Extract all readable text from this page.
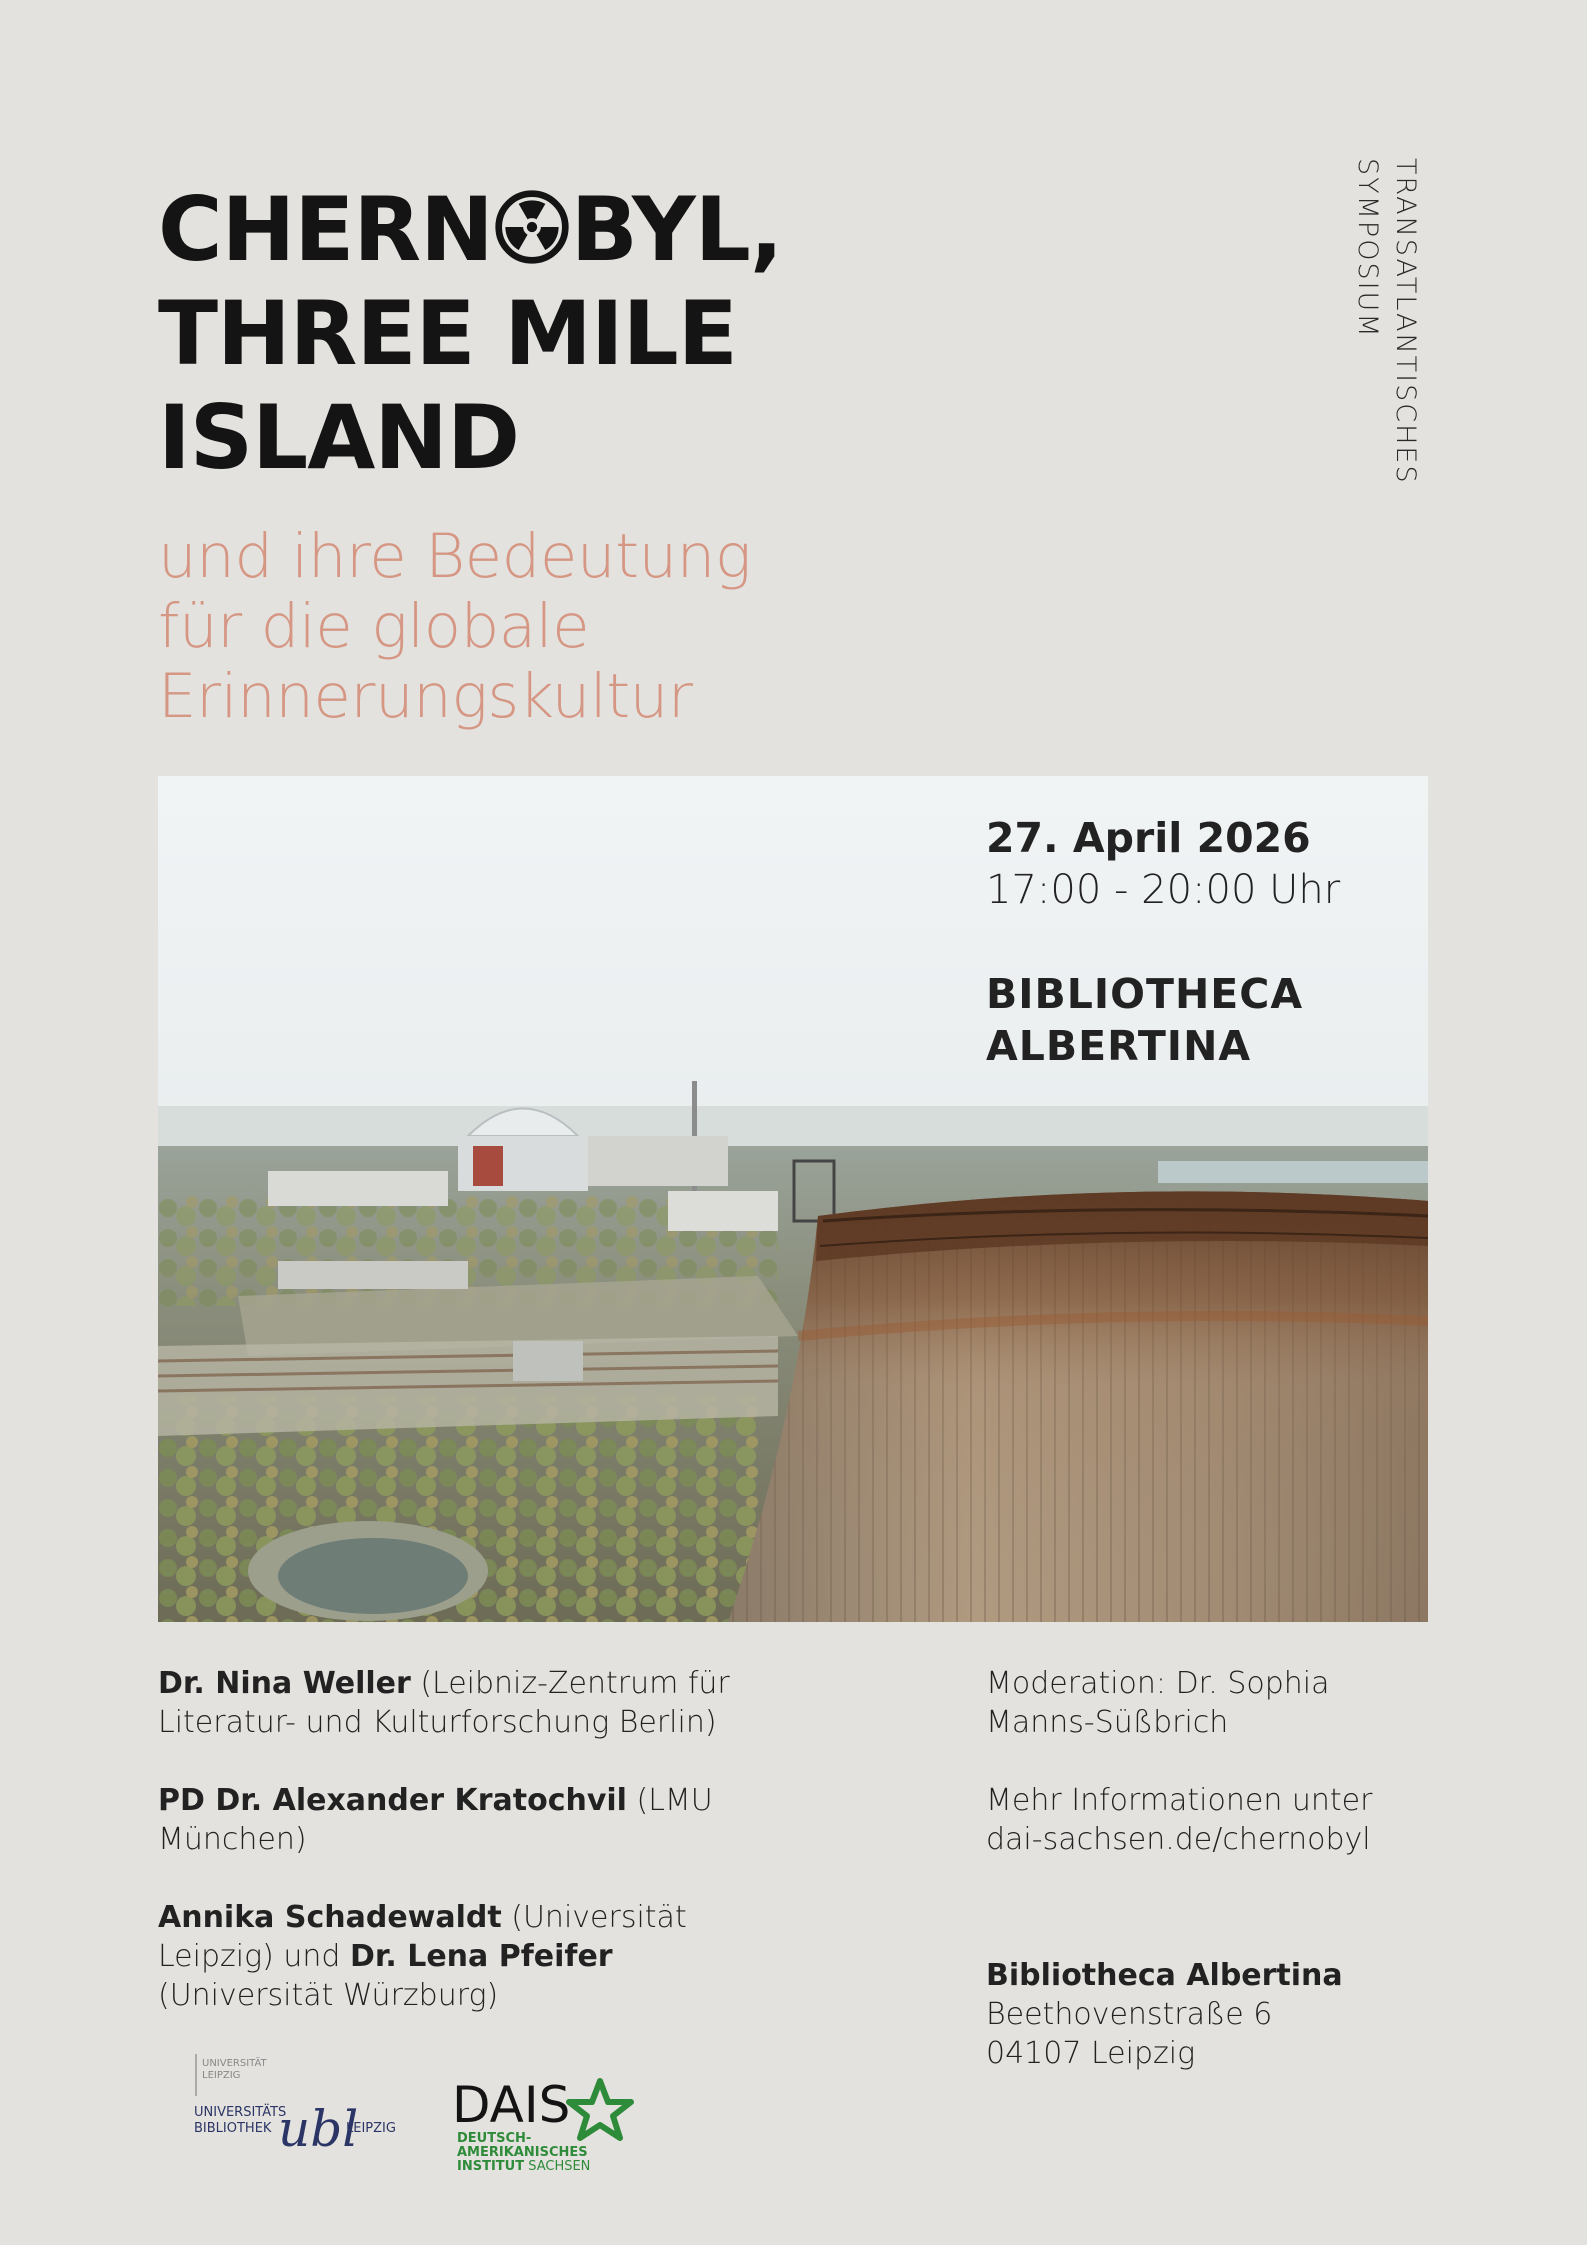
CHERN BYL,
THREE MILE
ISLAND
und ihre Bedeutung
für die globale
Erinnerungskultur
TRANSATLANTISCHES
SYMPOSIUM
27. April 2026
17:00 - 20:00 Uhr
BIBLIOTHECA
ALBERTINA
Dr. Nina Weller (Leibniz-Zentrum für Literatur- und Kulturforschung Berlin)
PD Dr. Alexander Kratochvil (LMU München)
Annika Schadewaldt (Universität Leipzig) und Dr. Lena Pfeifer (Universität Würzburg)
Moderation: Dr. Sophia Manns-Süßbrich
Mehr Informationen unter dai-sachsen.de/chernobyl
Bibliotheca Albertina
Beethovenstraße 6
04107 Leipzig
UNIVERSITÄT
LEIPZIG
UNIVERSITÄTS
BIBLIOTHEK ubl
LEIPZIG DAIS
DEUTSCH-
AMERIKANISCHES
INSTITUT SACHSEN
